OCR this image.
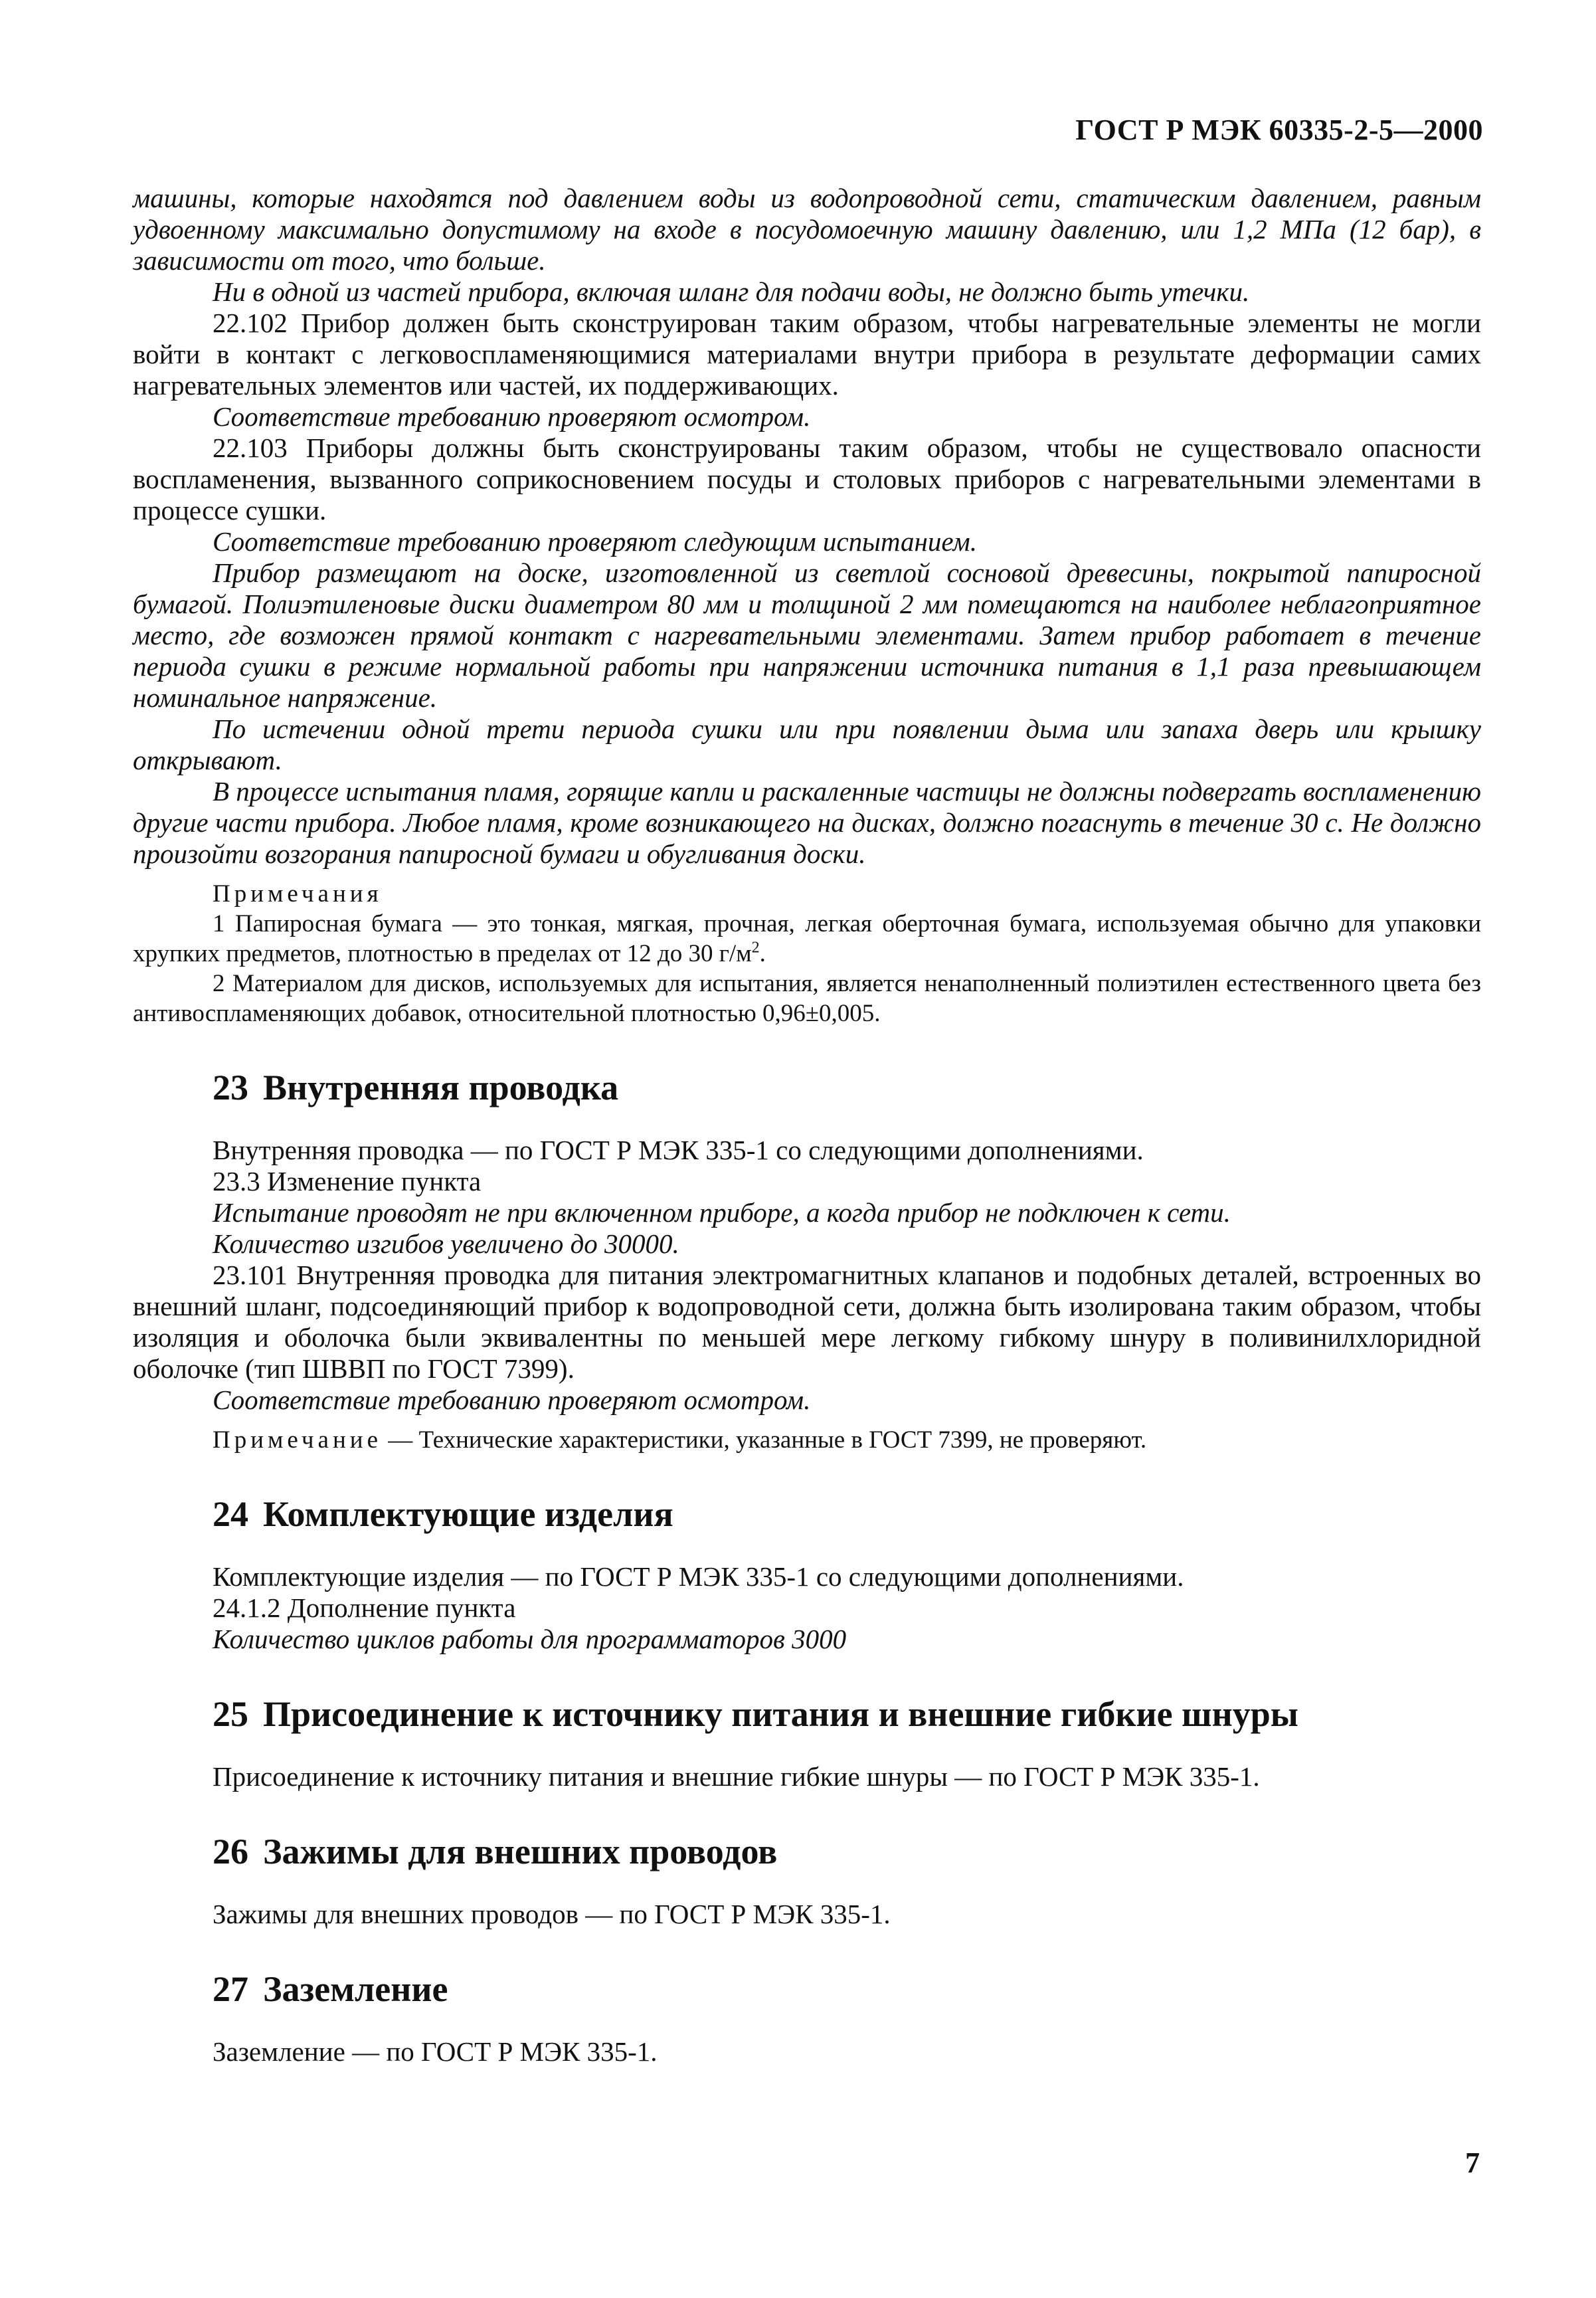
ГОСТ Р МЭК 60335-2-5—2000

машины, которые находятся под давлением воды из водопроводной сети, статическим давлением, равным удвоенному максимально допустимому на входе в посудомоечную машину давлению, или 1,2 МПа (12 бар), в зависимости от того, что больше.

Ни в одной из частей прибора, включая шланг для подачи воды, не должно быть утечки.

22.102 Прибор должен быть сконструирован таким образом, чтобы нагревательные элементы не могли войти в контакт с легковоспламеняющимися материалами внутри прибора в результате деформации самих нагревательных элементов или частей, их поддерживающих.

Соответствие требованию проверяют осмотром.

22.103 Приборы должны быть сконструированы таким образом, чтобы не существовало опасности воспламенения, вызванного соприкосновением посуды и столовых приборов с нагревательными элементами в процессе сушки.

Соответствие требованию проверяют следующим испытанием.

Прибор размещают на доске, изготовленной из светлой сосновой древесины, покрытой папиросной бумагой. Полиэтиленовые диски диаметром 80 мм и толщиной 2 мм помещаются на наиболее неблагоприятное место, где возможен прямой контакт с нагревательными элементами. Затем прибор работает в течение периода сушки в режиме нормальной работы при напряжении источника питания в 1,1 раза превышающем номинальное напряжение.

По истечении одной трети периода сушки или при появлении дыма или запаха дверь или крышку открывают.

В процессе испытания пламя, горящие капли и раскаленные частицы не должны подвергать воспламенению другие части прибора. Любое пламя, кроме возникающего на дисках, должно погаснуть в течение 30 с. Не должно произойти возгорания папиросной бумаги и обугливания доски.

Примечания

1 Папиросная бумага — это тонкая, мягкая, прочная, легкая оберточная бумага, используемая обычно для упаковки хрупких предметов, плотностью в пределах от 12 до 30 $г/м^2$.

2 Материалом для дисков, используемых для испытания, является ненаполненный полиэтилен естественного цвета без антивоспламеняющих добавок, относительной плотностью 0,96±0,005.

23 Внутренняя проводка

Внутренняя проводка — по ГОСТ Р МЭК 335-1 со следующими дополнениями.

23.3 Изменение пункта

Испытание проводят не при включенном приборе, а когда прибор не подключен к сети.

Количество изгибов увеличено до 30000.

23.101 Внутренняя проводка для питания электромагнитных клапанов и подобных деталей, встроенных во внешний шланг, подсоединяющий прибор к водопроводной сети, должна быть изолирована таким образом, чтобы изоляция и оболочка были эквивалентны по меньшей мере легкому гибкому шнуру в поливинилхлоридной оболочке (тип ШВВП по ГОСТ 7399).

Соответствие требованию проверяют осмотром.

Примечание — Технические характеристики, указанные в ГОСТ 7399, не проверяют.

24 Комплектующие изделия

Комплектующие изделия — по ГОСТ Р МЭК 335-1 со следующими дополнениями.

24.1.2 Дополнение пункта

Количество циклов работы для программаторов 3000

25 Присоединение к источнику питания и внешние гибкие шнуры

Присоединение к источнику питания и внешние гибкие шнуры — по ГОСТ Р МЭК 335-1.

26 Зажимы для внешних проводов

Зажимы для внешних проводов — по ГОСТ Р МЭК 335-1.

27 Заземление

Заземление — по ГОСТ Р МЭК 335-1.

7
